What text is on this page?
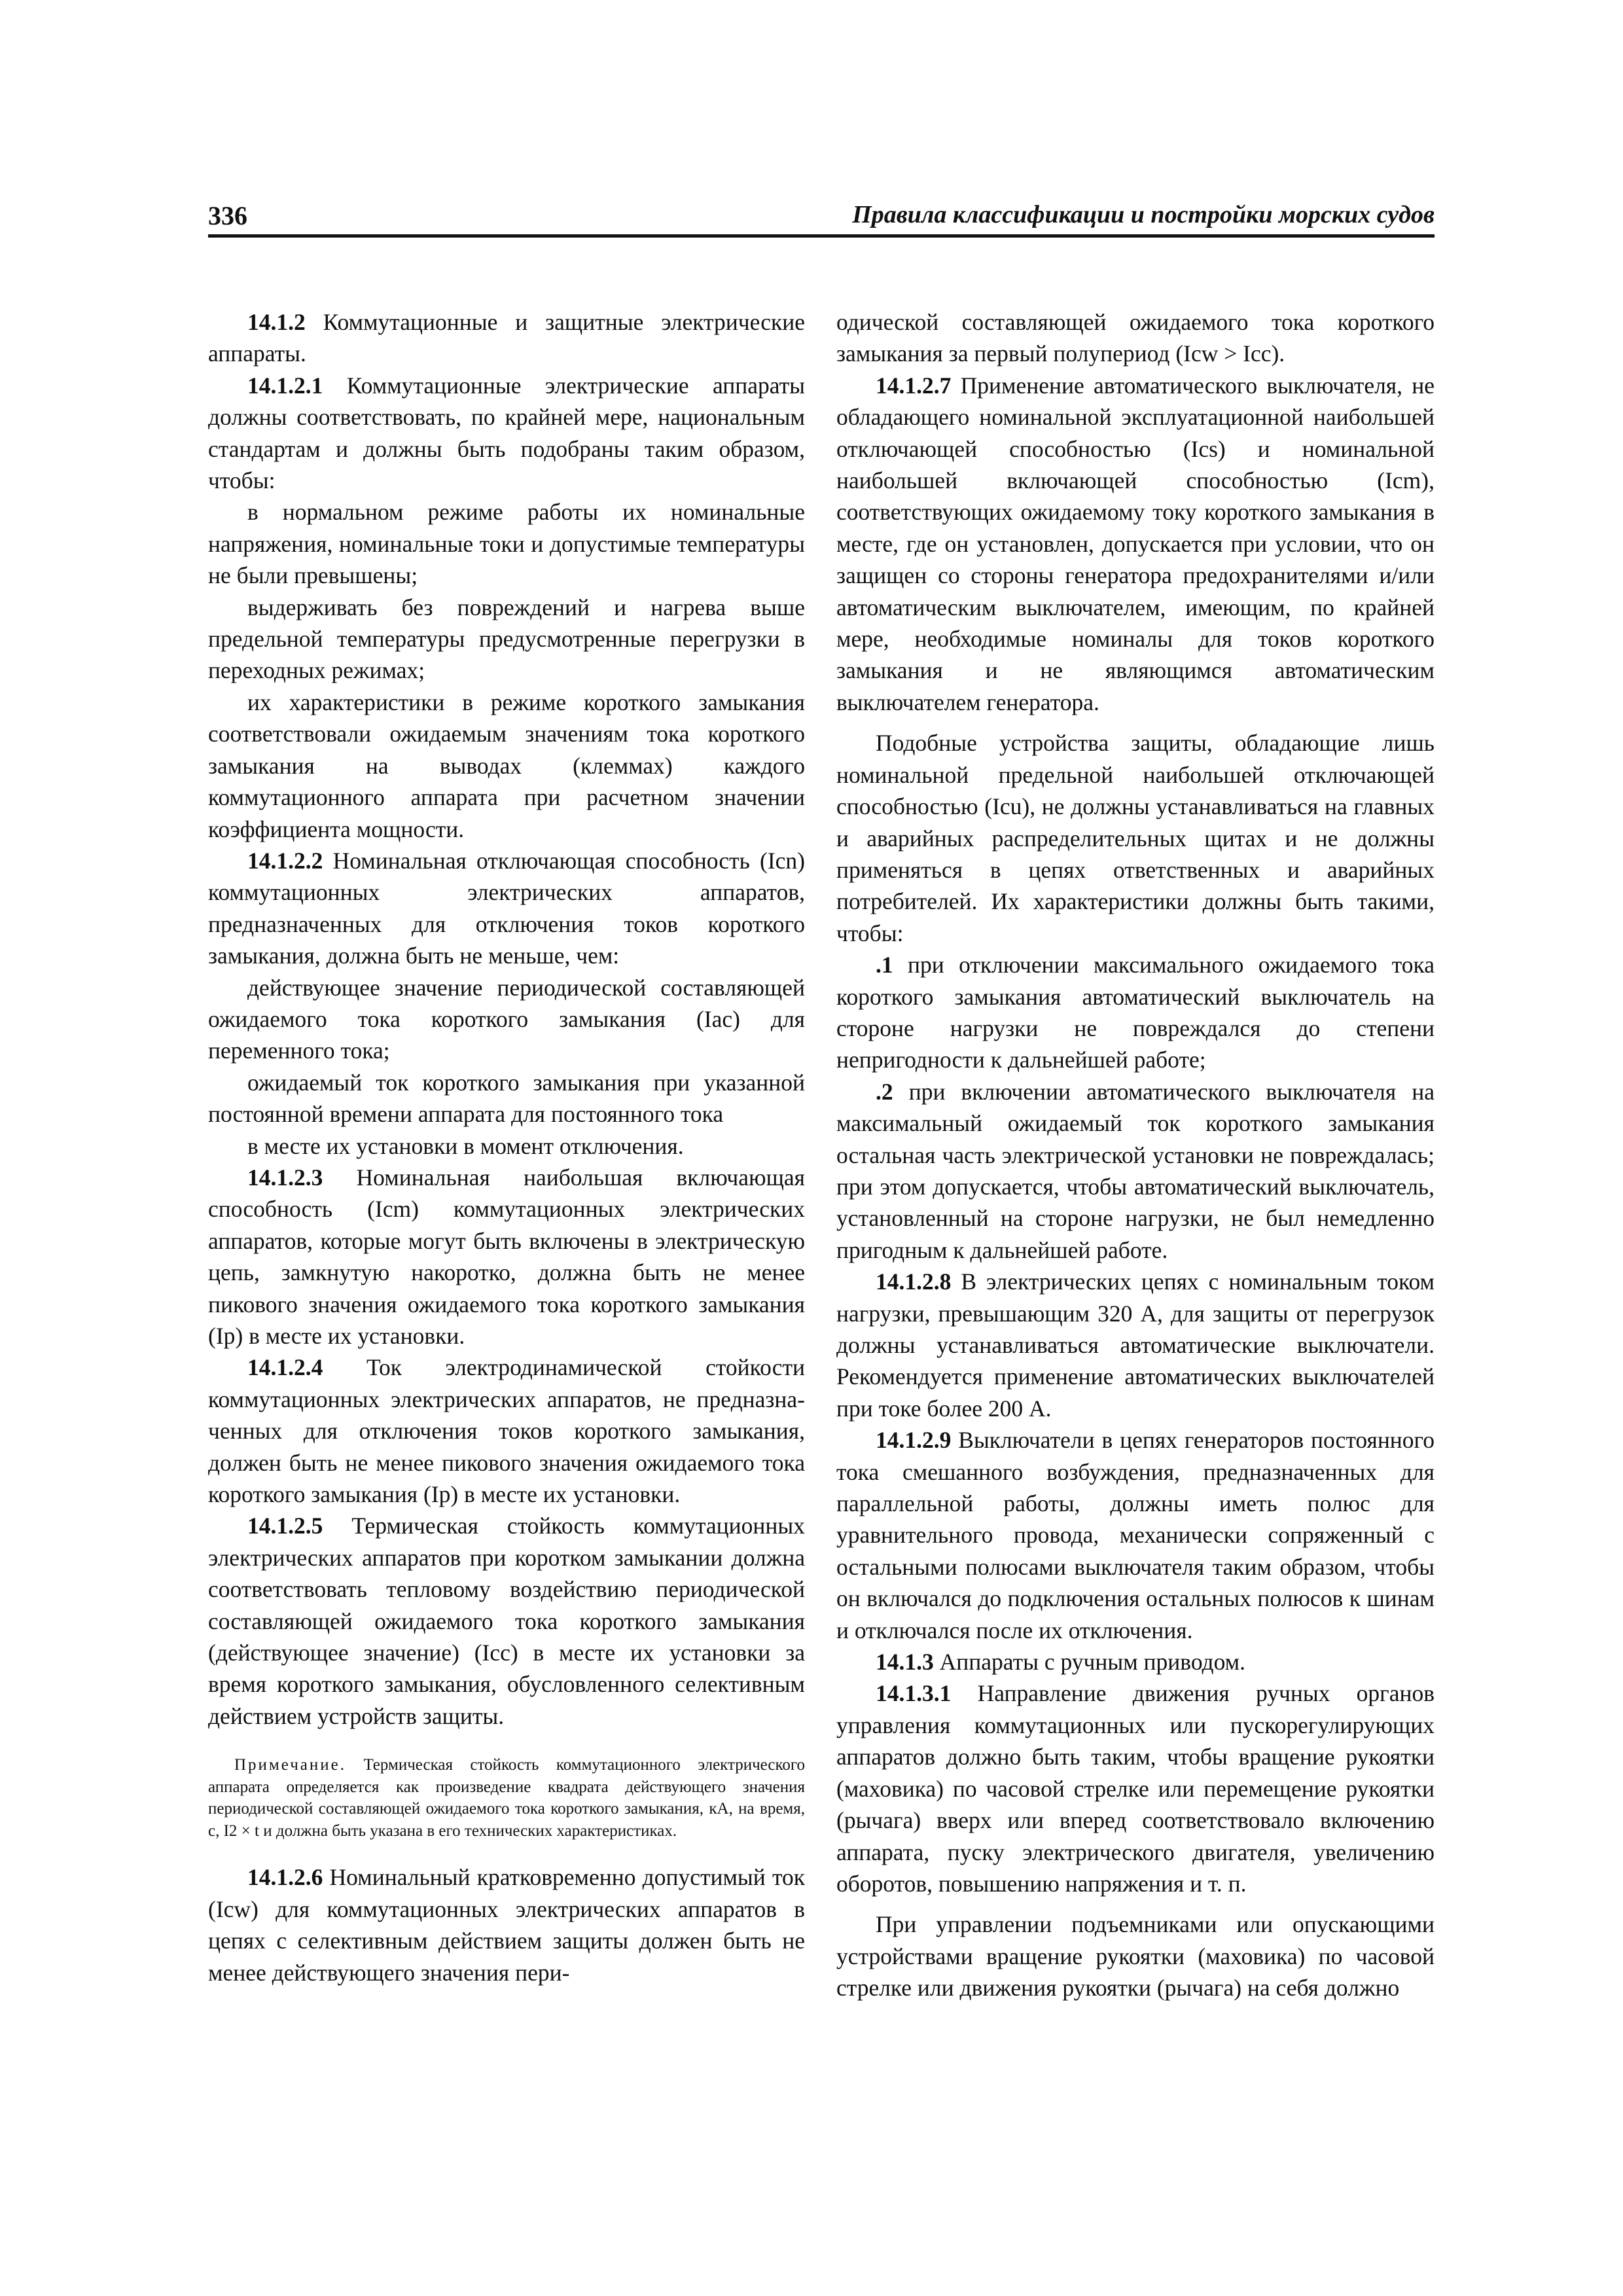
336	Правила классификации и постройки морских судов

14.1.2 Коммутационные и защитные электрические аппараты.

14.1.2.1 Коммутационные электрические аппараты должны соответствовать, по крайней мере, национальным стандартам и должны быть подобраны таким образом, чтобы:

в нормальном режиме работы их номинальные напряжения, номинальные токи и допустимые температуры не были превышены;

выдерживать без повреждений и нагрева выше предельной температуры предусмотренные перегрузки в переходных режимах;

их характеристики в режиме короткого замыкания соответствовали ожидаемым значениям тока короткого замыкания на выводах (клеммах) каждого коммутационного аппарата при расчетном значении коэффициента мощности.

14.1.2.2 Номинальная отключающая способность (Iсn) коммутационных электрических аппаратов, предназначенных для отключения токов короткого замыкания, должна быть не меньше, чем:

действующее значение периодической составляющей ожидаемого тока короткого замыкания (Iac) для переменного тока;

ожидаемый ток короткого замыкания при указанной постоянной времени аппарата для постоянного тока

в месте их установки в момент отключения.

14.1.2.3 Номинальная наибольшая включающая способность (Icm) коммутационных электрических аппаратов, которые могут быть включены в электрическую цепь, замкнутую накоротко, должна быть не менее пикового значения ожидаемого тока короткого замыкания (Ip) в месте их установки.

14.1.2.4 Ток электродинамической стойкости коммутационных электрических аппаратов, не предназна-ченных для отключения токов короткого замыкания, должен быть не менее пикового значения ожидаемого тока короткого замыкания (Ip) в месте их установки.

14.1.2.5 Термическая стойкость коммутационных электрических аппаратов при коротком замыкании должна соответствовать тепловому воздействию периодической составляющей ожидаемого тока короткого замыкания (действующее значение) (Icc) в месте их установки за время короткого замыкания, обусловленного селективным действием устройств защиты.

Примечание. Термическая стойкость коммутационного электрического аппарата определяется как произведение квадрата действующего значения периодической составляющей ожидаемого тока короткого замыкания, кА, на время, с, I2 × t и должна быть указана в его технических характеристиках.

14.1.2.6 Номинальный кратковременно допустимый ток (Icw) для коммутационных электрических аппаратов в цепях с селективным действием защиты должен быть не менее действующего значения пери-

одической составляющей ожидаемого тока короткого замыкания за первый полупериод (Icw > Icc).

14.1.2.7 Применение автоматического выключателя, не обладающего номинальной эксплуатационной наибольшей отключающей способностью (Ics) и номинальной наибольшей включающей способностью (Icm), соответствующих ожидаемому току короткого замыкания в месте, где он установлен, допускается при условии, что он защищен со стороны генератора предохранителями и/или автоматическим выключателем, имеющим, по крайней мере, необходимые номиналы для токов короткого замыкания и не являющимся автоматическим выключателем генератора.

Подобные устройства защиты, обладающие лишь номинальной предельной наибольшей отключающей способностью (Icu), не должны устанавливаться на главных и аварийных распределительных щитах и не должны применяться в цепях ответственных и аварийных потребителей. Их характеристики должны быть такими, чтобы:

.1 при отключении максимального ожидаемого тока короткого замыкания автоматический выключатель на стороне нагрузки не повреждался до степени непригодности к дальнейшей работе;

.2 при включении автоматического выключателя на максимальный ожидаемый ток короткого замыкания остальная часть электрической установки не повреждалась; при этом допускается, чтобы автоматический выключатель, установленный на стороне нагрузки, не был немедленно пригодным к дальнейшей работе.

14.1.2.8 В электрических цепях с номинальным током нагрузки, превышающим 320 А, для защиты от перегрузок должны устанавливаться автоматические выключатели. Рекомендуется применение автоматических выключателей при токе более 200 А.

14.1.2.9 Выключатели в цепях генераторов постоянного тока смешанного возбуждения, предназначенных для параллельной работы, должны иметь полюс для уравнительного провода, механически сопряженный с остальными полюсами выключателя таким образом, чтобы он включался до подключения остальных полюсов к шинам и отключался после их отключения.

14.1.3 Аппараты с ручным приводом.

14.1.3.1 Направление движения ручных органов управления коммутационных или пускорегулирующих аппаратов должно быть таким, чтобы вращение рукоятки (маховика) по часовой стрелке или перемещение рукоятки (рычага) вверх или вперед соответствовало включению аппарата, пуску электрического двигателя, увеличению оборотов, повышению напряжения и т. п.

При управлении подъемниками или опускающими устройствами вращение рукоятки (маховика) по часовой стрелке или движения рукоятки (рычага) на себя должно
